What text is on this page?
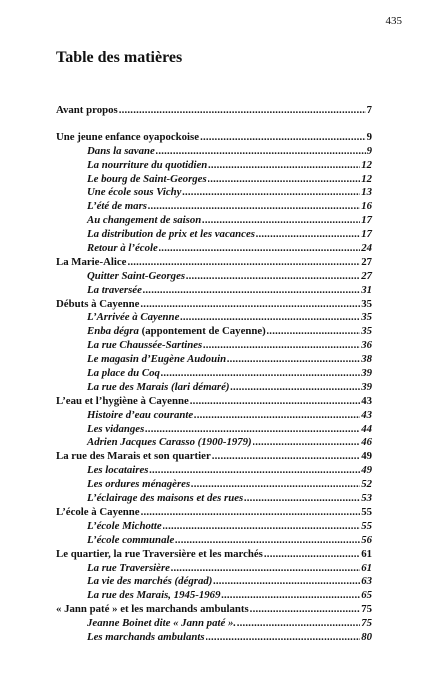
435
Table des matières
Avant propos .....	7
Une jeune enfance oyapockoise .....	9
Dans la savane .....	9
La nourriture du quotidien .....	12
Le bourg de Saint-Georges .....	12
Une école sous Vichy .....	13
L’été de mars .....	16
Au changement de saison .....	17
La distribution de prix et les vacances .....	17
Retour à l’école .....	24
La Marie-Alice .....	27
Quitter Saint-Georges .....	27
La traversée .....	31
Débuts à Cayenne .....	35
L’Arrivée à Cayenne .....	35
Enba dégra (appontement de Cayenne) .....	35
La rue Chaussée-Sartines .....	36
Le magasin d’Eugène Audouin .....	38
La place du Coq .....	39
La rue des Marais (lari démaré) .....	39
L’eau et l’hygiène à Cayenne .....	43
Histoire d’eau courante .....	43
Les vidanges .....	44
Adrien Jacques Carasso (1900-1979) .....	46
La rue des Marais et son quartier .....	49
Les locataires .....	49
Les ordures ménagères .....	52
L’éclairage des maisons et des rues .....	53
L’école à Cayenne .....	55
L’école Michotte .....	55
L’école communale .....	56
Le quartier, la rue Traversière et les marchés .....	61
La rue Traversière .....	61
La vie des marchés (dégrad) .....	63
La rue des Marais, 1945-1969 .....	65
« Jann paté » et les marchands ambulants .....	75
Jeanne Boinet dite « Jann paté ». .....	75
Les marchands ambulants .....	80
